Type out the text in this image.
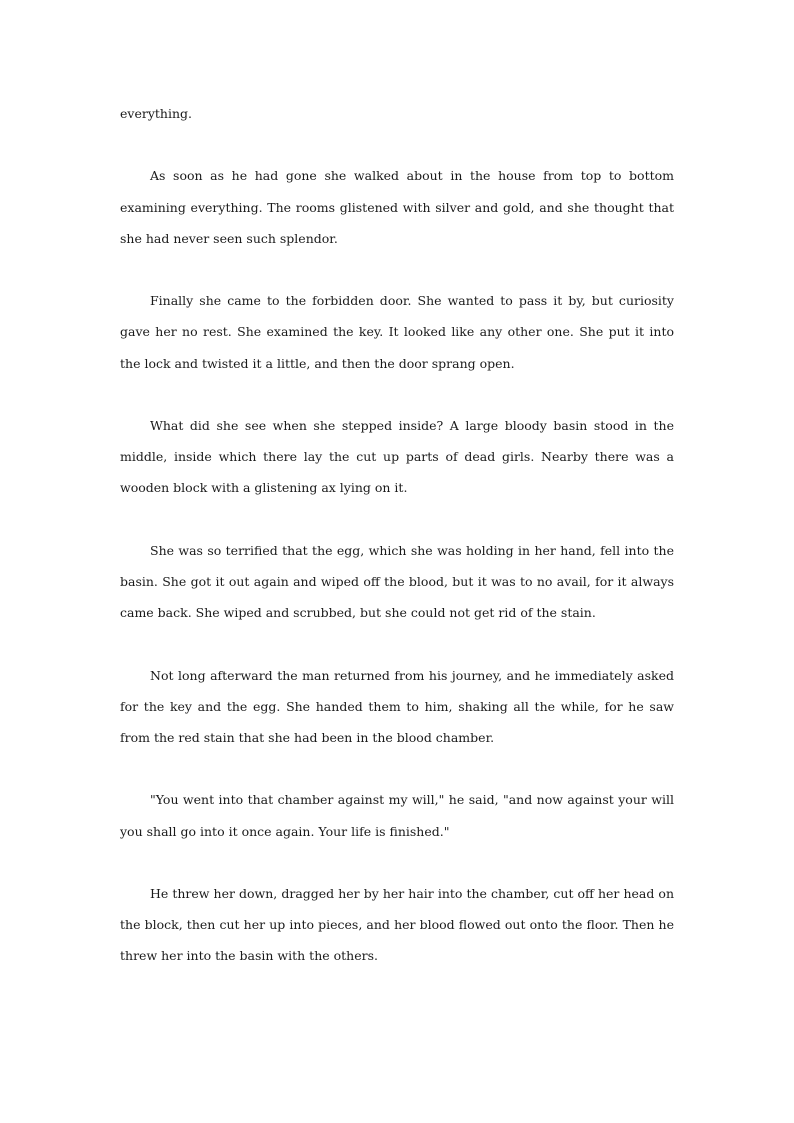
everything.

As soon as he had gone she walked about in the house from top to bottom examining everything. The rooms glistened with silver and gold, and she thought that she had never seen such splendor.

Finally she came to the forbidden door. She wanted to pass it by, but curiosity gave her no rest. She examined the key. It looked like any other one. She put it into the lock and twisted it a little, and then the door sprang open.

What did she see when she stepped inside? A large bloody basin stood in the middle, inside which there lay the cut up parts of dead girls. Nearby there was a wooden block with a glistening ax lying on it.

She was so terrified that the egg, which she was holding in her hand, fell into the basin. She got it out again and wiped off the blood, but it was to no avail, for it always came back. She wiped and scrubbed, but she could not get rid of the stain.

Not long afterward the man returned from his journey, and he immediately asked for the key and the egg. She handed them to him, shaking all the while, for he saw from the red stain that she had been in the blood chamber.

"You went into that chamber against my will," he said, "and now against your will you shall go into it once again. Your life is finished."

He threw her down, dragged her by her hair into the chamber, cut off her head on the block, then cut her up into pieces, and her blood flowed out onto the floor. Then he threw her into the basin with the others.
